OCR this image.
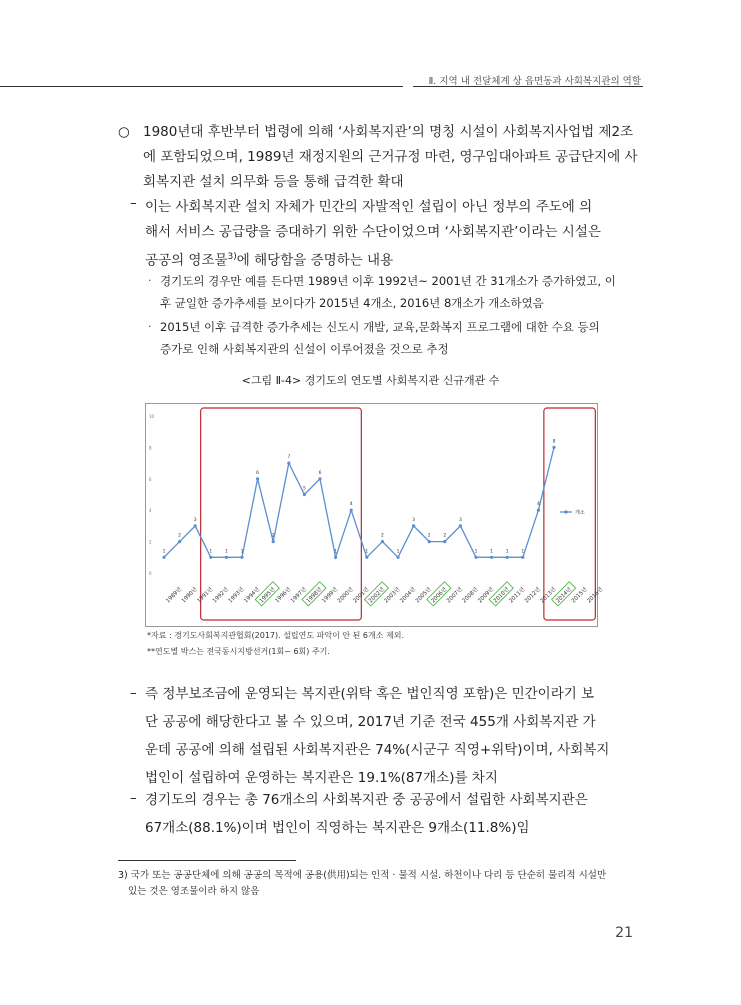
Ⅱ. 지역 내 전달체계 상 읍면동과 사회복지관의 역할
○ 1980년대 후반부터 법령에 의해 ‘사회복지관’의 명칭 시설이 사회복지사업법 제2조
에 포함되었으며, 1989년 재정지원의 근거규정 마련, 영구임대아파트 공급단지에 사
회복지관 설치 의무화 등을 통해 급격한 확대
– 이는 사회복지관 설치 자체가 민간의 자발적인 설립이 아닌 정부의 주도에 의
해서 서비스 공급량을 증대하기 위한 수단이었으며 ‘사회복지관’이라는 시설은
공공의 영조물$^{3)}$에 해당함을 증명하는 내용
· 경기도의 경우만 예를 든다면 1989년 이후 1992년~ 2001년 간 31개소가 증가하였고, 이
후 균일한 증가추세를 보이다가 2015년 4개소, 2016년 8개소가 개소하였음
· 2015년 이후 급격한 증가추세는 신도시 개발, 교육,문화복지 프로그램에 대한 수요 등의
증가로 인해 사회복지관의 신설이 이루어졌을 것으로 추정
<그림 Ⅱ-4> 경기도의 연도별 사회복지관 신규개관 수
0
2
4
6
8
10
1
2
3
1	1	1
6
2
7
5
6
1
4
1
2
1
3
2	2
3
1	1	1	1
4
8
1989년
1990년
1991년
1992년
1993년
1994년
1995년
1996년
1997년
1998년
1999년
2000년
2001년
2002년
2003년
2004년
2005년
2006년
2007년
2008년
2009년
2010년
2011년
2012년
2013년
2014년
2015년
2016년
개소
*자료 : 경기도사회복지관협회(2017). 설립연도 파악이 안 된 6개소 제외.
**연도별 박스는 전국동시지방선거(1회~ 6회) 주기.
– 즉 정부보조금에 운영되는 복지관(위탁 혹은 법인직영 포함)은 민간이라기 보
단 공공에 해당한다고 볼 수 있으며, 2017년 기준 전국 455개 사회복지관 가
운데 공공에 의해 설립된 사회복지관은 74%(시군구 직영+위탁)이며, 사회복지
법인이 설립하여 운영하는 복지관은 19.1%(87개소)를 차지
– 경기도의 경우는 총 76개소의 사회복지관 중 공공에서 설립한 사회복지관은
67개소(88.1%)이며 법인이 직영하는 복지관은 9개소(11.8%)임
3) 국가 또는 공공단체에 의해 공공의 목적에 공용(供用)되는 인적 · 물적 시설. 하천이나 다리 등 단순히 물리적 시설만
있는 것은 영조물이라 하지 않음
21
